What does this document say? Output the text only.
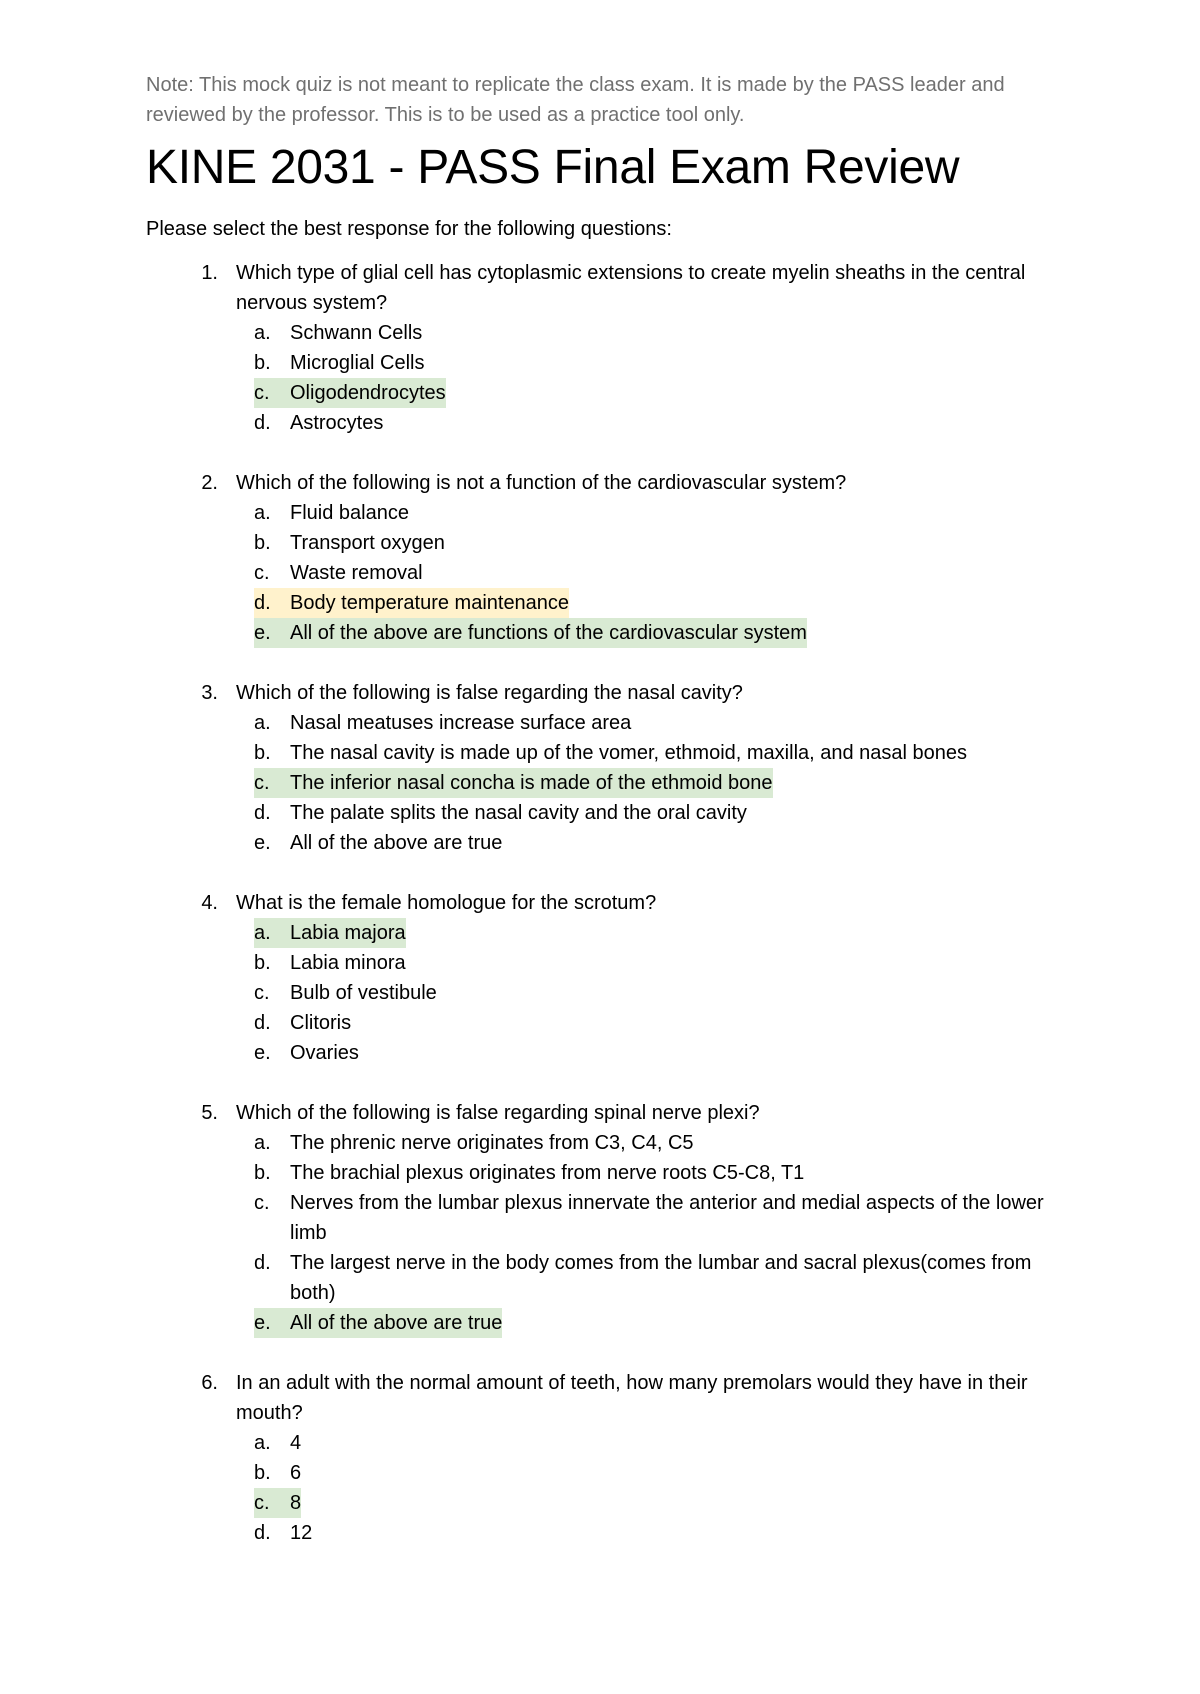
Note: This mock quiz is not meant to replicate the class exam. It is made by the PASS leader and reviewed by the professor. This is to be used as a practice tool only.

KINE 2031 - PASS Final Exam Review

Please select the best response for the following questions:

1. Which type of glial cell has cytoplasmic extensions to create myelin sheaths in the central nervous system?
a. Schwann Cells
b. Microglial Cells
c.	Oligodendrocytes
d. Astrocytes
2. Which of the following is not a function of the cardiovascular system?
a. Fluid balance
b. Transport oxygen
c.	Waste removal
d. Body temperature maintenance
e. All of the above are functions of the cardiovascular system
3. Which of the following is false regarding the nasal cavity?
a. Nasal meatuses increase surface area
b. The nasal cavity is made up of the vomer, ethmoid, maxilla, and nasal bones
c.	The inferior nasal concha is made of the ethmoid bone
d. The palate splits the nasal cavity and the oral cavity
e. All of the above are true
4. What is the female homologue for the scrotum?
a. Labia majora
b. Labia minora
c.	Bulb of vestibule
d. Clitoris
e. Ovaries
5. Which of the following is false regarding spinal nerve plexi?
a. The phrenic nerve originates from C3, C4, C5
b. The brachial plexus originates from nerve roots C5-C8, T1
c.	Nerves from the lumbar plexus innervate the anterior and medial aspects of the lower limb
d. The largest nerve in the body comes from the lumbar and sacral plexus(comes from both)
e. All of the above are true
6. In an adult with the normal amount of teeth, how many premolars would they have in their mouth?
a. 4
b. 6
c.	8
d. 12
